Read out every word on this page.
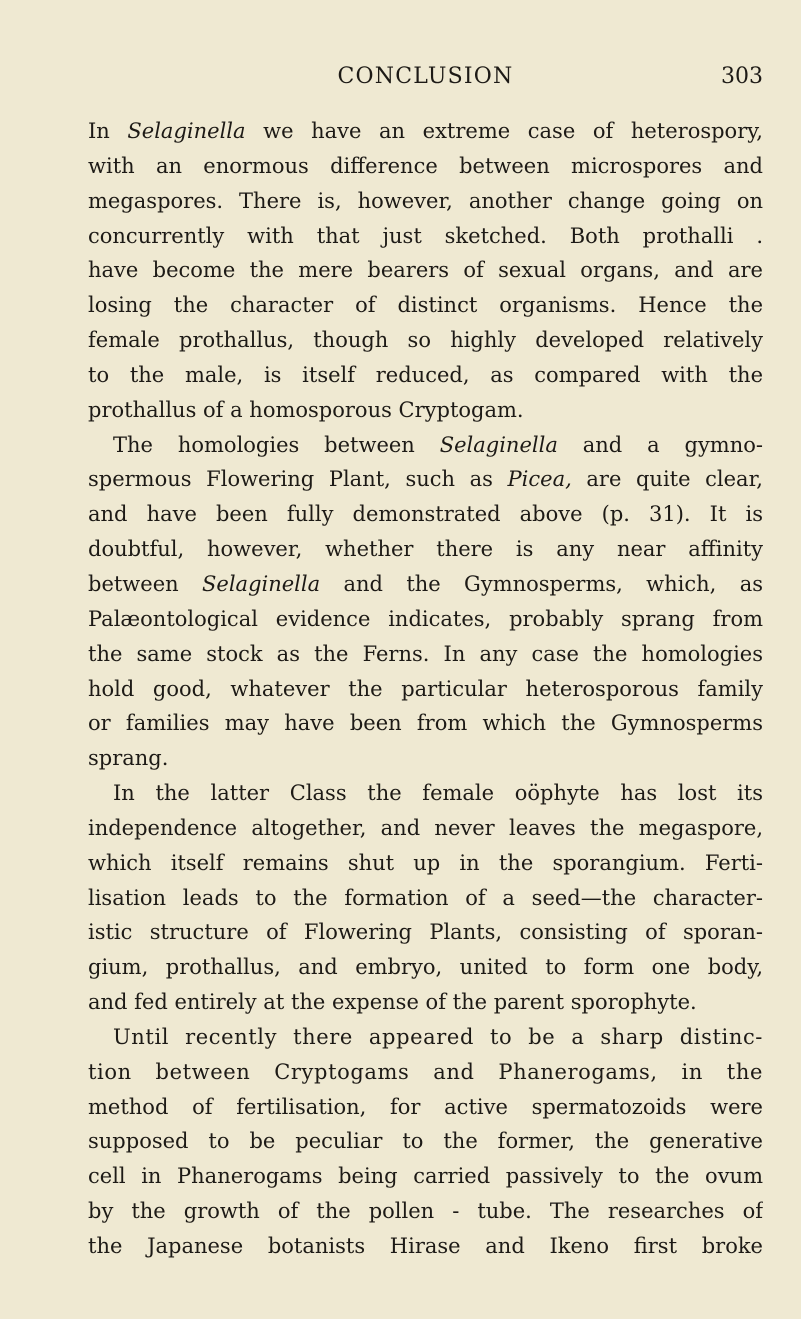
CONCLUSION	303
In Selaginella we have an extreme case of heterospory,
with an enormous difference between microspores and
megaspores. There is, however, another change going on
concurrently with that just sketched. Both prothalli .
have become the mere bearers of sexual organs, and are
losing the character of distinct organisms. Hence the
female prothallus, though so highly developed relatively
to the male, is itself reduced, as compared with the
prothallus of a homosporous Cryptogam.
The homologies between Selaginella and a gymno-
spermous Flowering Plant, such as Picea, are quite clear,
and have been fully demonstrated above (p. 31). It is
doubtful, however, whether there is any near affinity
between Selaginella and the Gymnosperms, which, as
Palæontological evidence indicates, probably sprang from
the same stock as the Ferns. In any case the homologies
hold good, whatever the particular heterosporous family
or families may have been from which the Gymnosperms
sprang.
In the latter Class the female oöphyte has lost its
independence altogether, and never leaves the megaspore,
which itself remains shut up in the sporangium. Ferti-
lisation leads to the formation of a seed—the character-
istic structure of Flowering Plants, consisting of sporan-
gium, prothallus, and embryo, united to form one body,
and fed entirely at the expense of the parent sporophyte.
Until recently there appeared to be a sharp distinc-
tion between Cryptogams and Phanerogams, in the
method of fertilisation, for active spermatozoids were
supposed to be peculiar to the former, the generative
cell in Phanerogams being carried passively to the ovum
by the growth of the pollen - tube. The researches of
the Japanese botanists Hirase and Ikeno first broke
